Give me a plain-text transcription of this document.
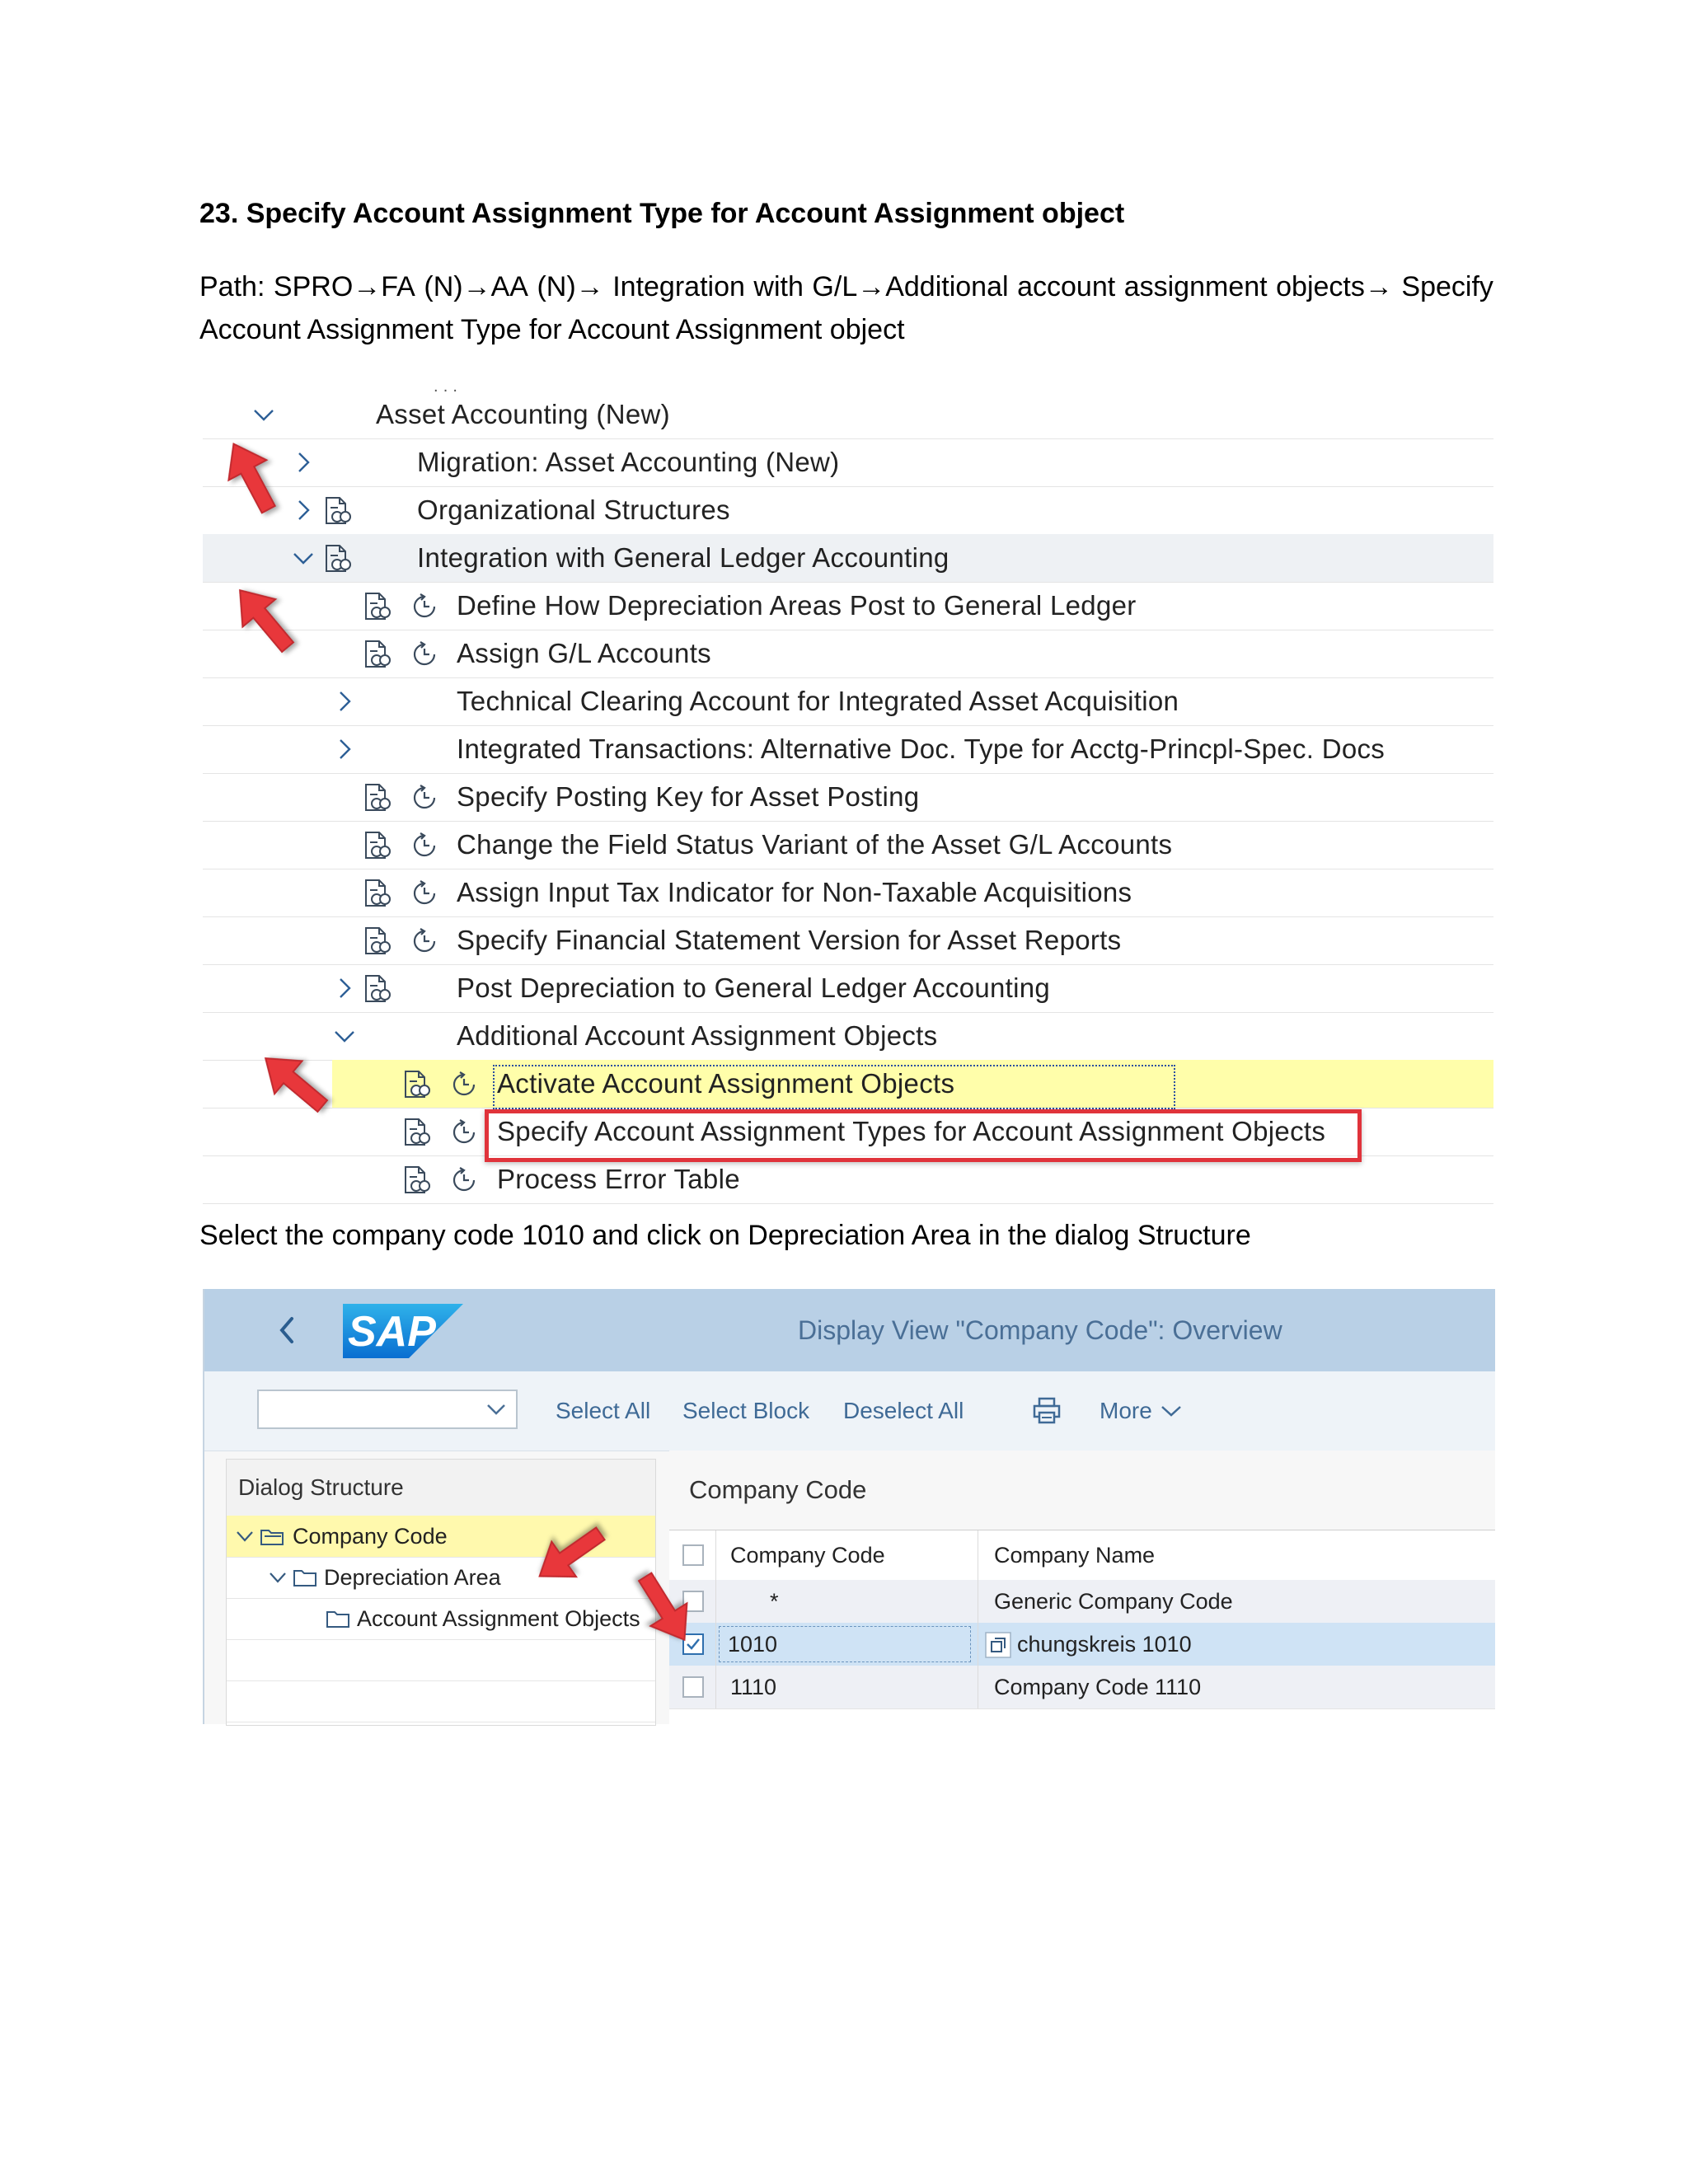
23. Specify Account Assignment Type for Account Assignment object
Path: SPRO→FA (N)→AA (N)→ Integration with G/L→Additional account assignment objects→ Specify
Account Assignment Type for Account Assignment object
. . .
Asset Accounting (New)
Migration: Asset Accounting (New)
Organizational Structures
Integration with General Ledger Accounting
Define How Depreciation Areas Post to General Ledger
Assign G/L Accounts
Technical Clearing Account for Integrated Asset Acquisition
Integrated Transactions: Alternative Doc. Type for Acctg-Princpl-Spec. Docs
Specify Posting Key for Asset Posting
Change the Field Status Variant of the Asset G/L Accounts
Assign Input Tax Indicator for Non-Taxable Acquisitions
Specify Financial Statement Version for Asset Reports
Post Depreciation to General Ledger Accounting
Additional Account Assignment Objects
Activate Account Assignment Objects
Specify Account Assignment Types for Account Assignment Objects
Process Error Table
Select the company code 1010 and click on Depreciation Area in the dialog Structure
SAP	Display View "Company Code": Overview
Select All Select Block Deselect All	More
Dialog Structure
Company Code
Depreciation Area
Account Assignment Objects
Company Code
Company Code	Company Name
*	Generic Company Code
1010	chungskreis 1010
1110	Company Code 1110
